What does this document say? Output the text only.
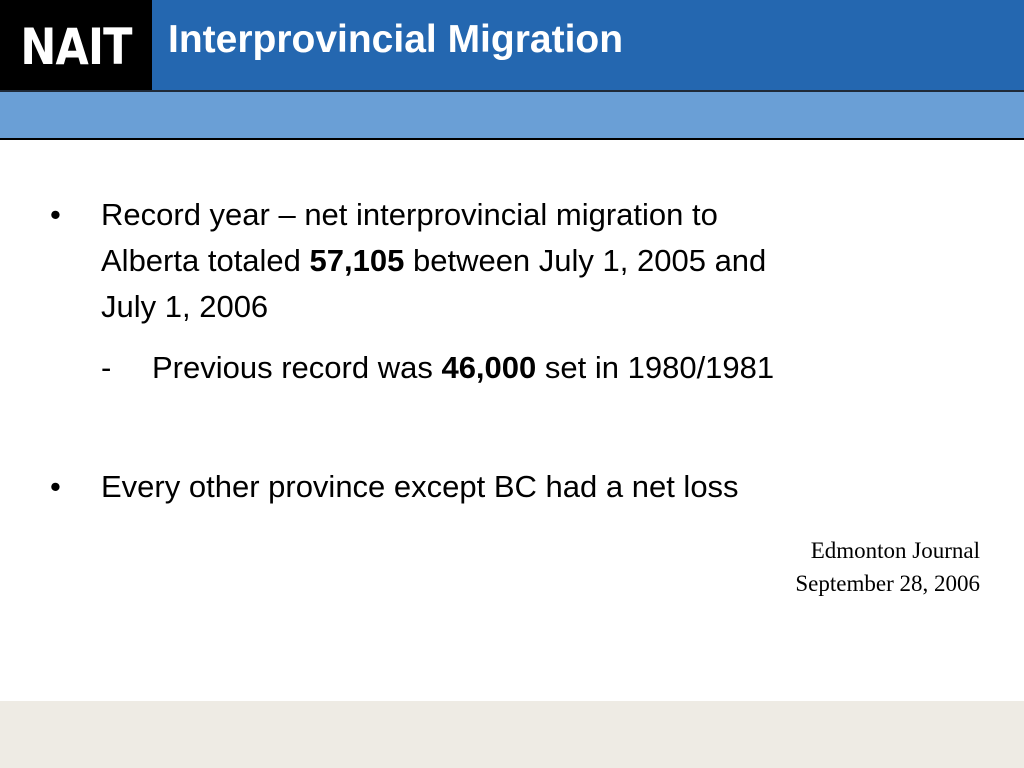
NAIT Interprovincial Migration
• Record year – net interprovincial migration to
Alberta totaled 57,105 between July 1, 2005 and
July 1, 2006
- Previous record was 46,000 set in 1980/1981
• Every other province except BC had a net loss
Edmonton Journal
September 28, 2006
